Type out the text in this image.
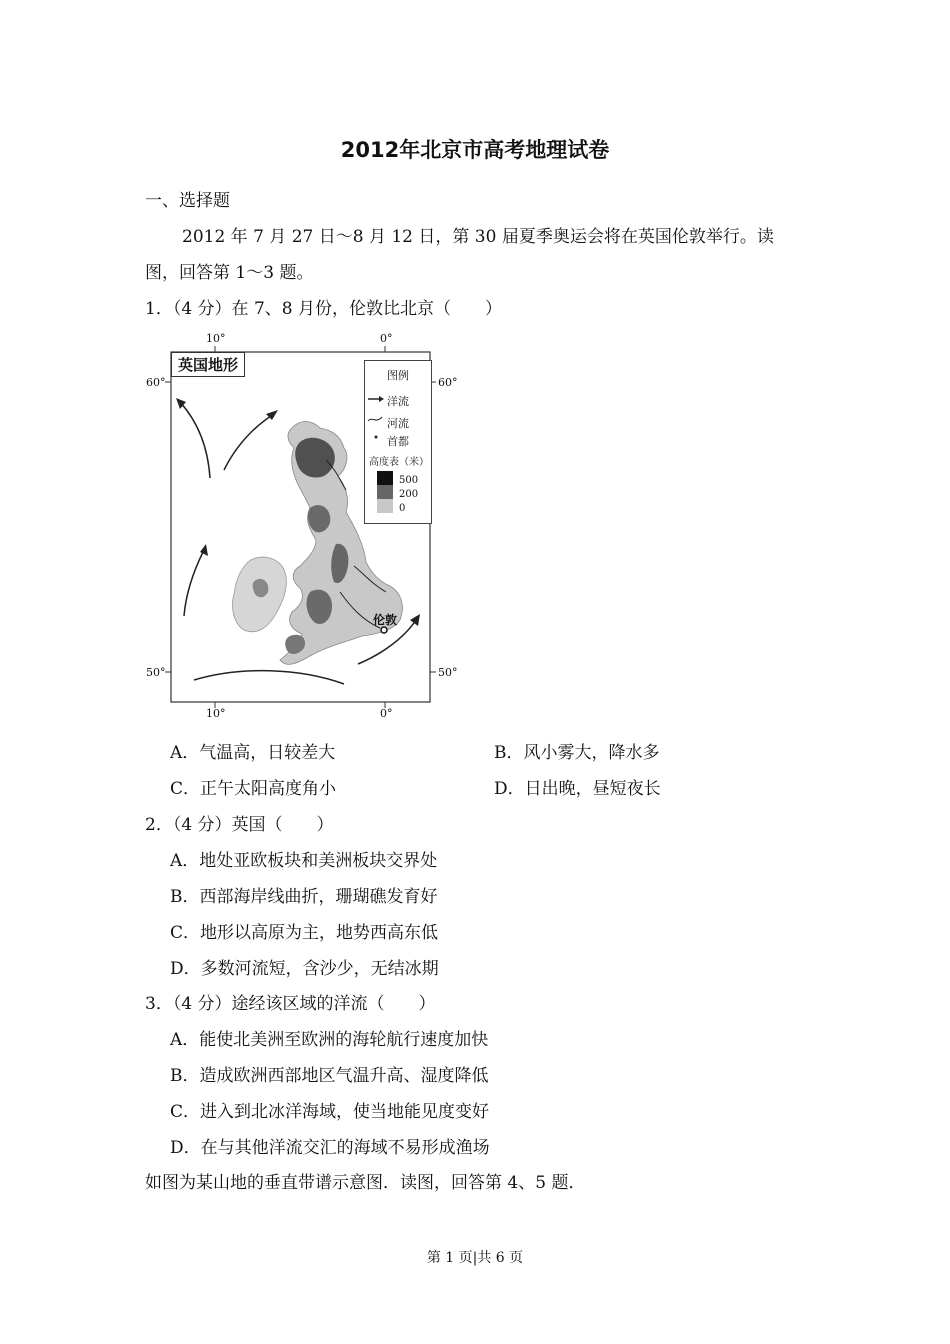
2012年北京市高考地理试卷
一、选择题
2012 年 7 月 27 日～8 月 12 日，第 30 届夏季奥运会将在英国伦敦举行。读
图，回答第 1～3 题。
1．（4 分）在 7、8 月份，伦敦比北京（　　）
英国地形
10°	0°
10°	0°
60°	60°
50°	50°
图例
洋流
河流
首都
高度表（米）
500
200
0
伦敦
A．气温高，日较差大	B．风小雾大，降水多
C．正午太阳高度角小	D．日出晚，昼短夜长
2．（4 分）英国（　　）
A．地处亚欧板块和美洲板块交界处
B．西部海岸线曲折，珊瑚礁发育好
C．地形以高原为主，地势西高东低
D．多数河流短，含沙少，无结冰期
3．（4 分）途经该区域的洋流（　　）
A．能使北美洲至欧洲的海轮航行速度加快
B．造成欧洲西部地区气温升高、湿度降低
C．进入到北冰洋海域，使当地能见度变好
D．在与其他洋流交汇的海域不易形成渔场
如图为某山地的垂直带谱示意图．读图，回答第 4、5 题．
第 1 页|共 6 页
